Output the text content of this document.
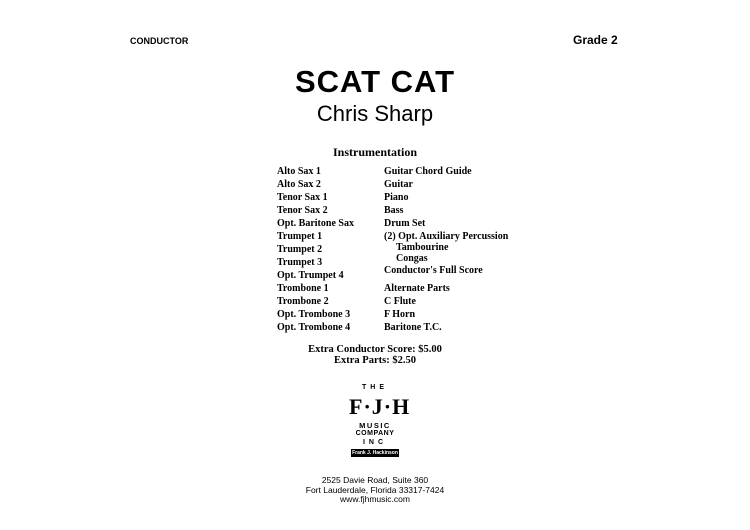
CONDUCTOR	Grade 2
SCAT CAT
Chris Sharp
Instrumentation
Alto Sax 1
Alto Sax 2
Tenor Sax 1
Tenor Sax 2
Opt. Baritone Sax
Trumpet 1
Trumpet 2
Trumpet 3
Opt. Trumpet 4
Trombone 1
Trombone 2
Opt. Trombone 3
Opt. Trombone 4
Guitar Chord Guide
Guitar
Piano
Bass
Drum Set
(2) Opt. Auxiliary Percussion
Tambourine
Congas
Conductor's Full Score
Alternate Parts
C Flute
F Horn
Baritone T.C.
Extra Conductor Score: $5.00
Extra Parts: $2.50
THE
F·J·H
MUSIC
COMPANY
INC
Frank J. Hackinson
2525 Davie Road, Suite 360
Fort Lauderdale, Florida 33317-7424
www.fjhmusic.com
